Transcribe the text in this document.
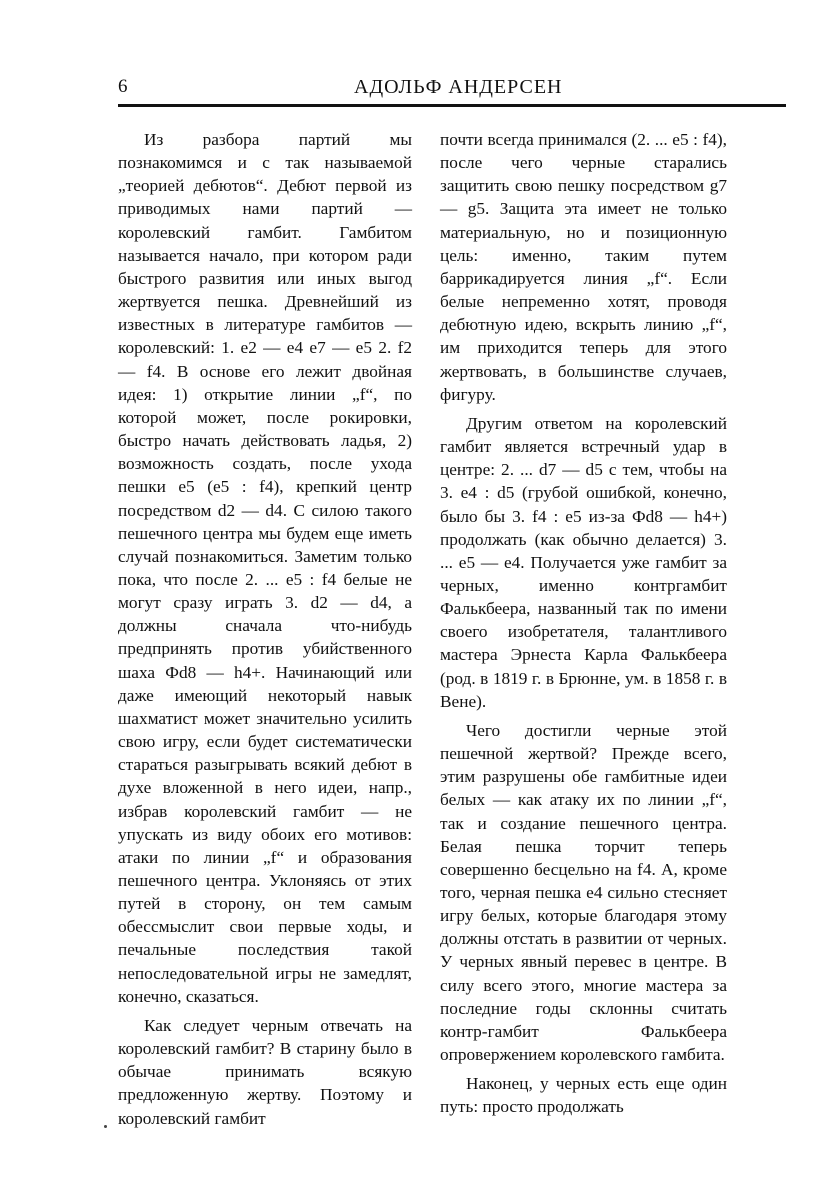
6	АДОЛЬФ АНДЕРСЕН

Из разбора партий мы познакомимся и с так называемой „теорией дебютов“. Дебют первой из приводимых нами партий — королевский гамбит. Гамбитом называется начало, при котором ради быстрого развития или иных выгод жертвуется пешка. Древнейший из известных в литературе гамбитов — королевский: 1. e2 — e4 e7 — e5 2. f2 — f4. В основе его лежит двойная идея: 1) открытие линии „f“, по которой может, после рокировки, быстро начать действовать ладья, 2) возможность создать, после ухода пешки e5 (e5 : f4), крепкий центр посредством d2 — d4. С силою такого пешечного центра мы будем еще иметь случай познакомиться. Заметим только пока, что после 2. ... e5 : f4 белые не могут сразу играть 3. d2 — d4, а должны сначала что-нибудь предпринять против убийственного шаха Фd8 — h4+. Начинающий или даже имеющий некоторый навык шахматист может значительно усилить свою игру, если будет систематически стараться разыгрывать всякий дебют в духе вложенной в него идеи, напр., избрав королевский гамбит — не упускать из виду обоих его мотивов: атаки по линии „f“ и образования пешечного центра. Уклоняясь от этих путей в сторону, он тем самым обессмыслит свои первые ходы, и печальные последствия такой непоследовательной игры не замедлят, конечно, сказаться.

Как следует черным отвечать на королевский гамбит? В старину было в обычае принимать всякую предложенную жертву. Поэтому и королевский гамбит

почти всегда принимался (2. ... e5 : f4), после чего черные старались защитить свою пешку посредством g7 — g5. Защита эта имеет не только материальную, но и позиционную цель: именно, таким путем баррикадируется линия „f“. Если белые непременно хотят, проводя дебютную идею, вскрыть линию „f“, им приходится теперь для этого жертвовать, в большинстве случаев, фигуру.

Другим ответом на королевский гамбит является встречный удар в центре: 2. ... d7 — d5 с тем, чтобы на 3. e4 : d5 (грубой ошибкой, конечно, было бы 3. f4 : e5 из-за Фd8 — h4+) продолжать (как обычно делается) 3. ... e5 — e4. Получается уже гамбит за черных, именно контргамбит Фалькбеера, названный так по имени своего изобретателя, талантливого мастера Эрнеста Карла Фалькбеера (род. в 1819 г. в Брюнне, ум. в 1858 г. в Вене).

Чего достигли черные этой пешечной жертвой? Прежде всего, этим разрушены обе гамбитные идеи белых — как атаку их по линии „f“, так и создание пешечного центра. Белая пешка торчит теперь совершенно бесцельно на f4. А, кроме того, черная пешка e4 сильно стесняет игру белых, которые благодаря этому должны отстать в развитии от черных. У черных явный перевес в центре. В силу всего этого, многие мастера за последние годы склонны считать контр-гамбит Фалькбеера опровержением королевского гамбита.

Наконец, у черных есть еще один путь: просто продолжать
